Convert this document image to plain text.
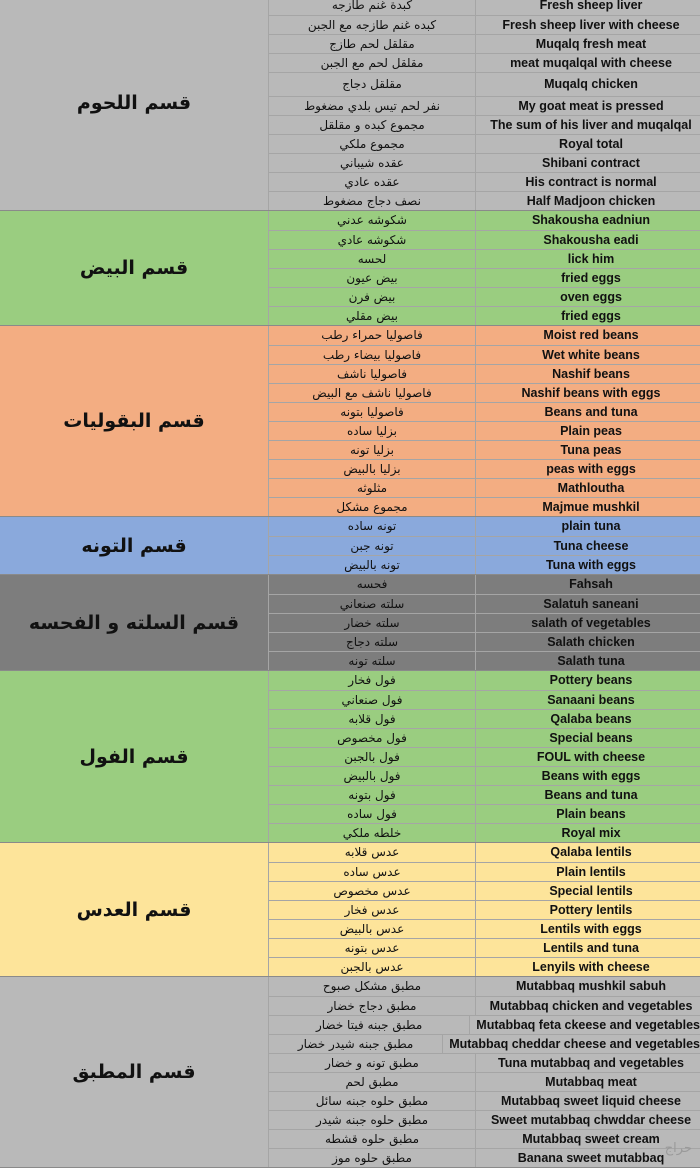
قسم اللحوم
كبدة غنم طازجه	Fresh sheep liver
كبده غنم طازجه مع الجبن	Fresh sheep liver with cheese
مقلقل لحم طازج	Muqalq fresh meat
مقلقل لحم مع الجبن	meat muqalqal with cheese
مقلقل دجاج	Muqalq chicken
نفر لحم تيس بلدي مضغوط	My goat meat is pressed
مجموع كبده و مقلقل	The sum of his liver and muqalqal
مجموع ملكي	Royal total
عقده شيباني	Shibani contract
عقده عادي	His contract is normal
نصف دجاج مضغوط	Half Madjoon chicken
قسم البيض
شكوشه عدني	Shakousha eadniun
شكوشه عادي	Shakousha eadi
لحسه	lick him
بيض عيون	fried eggs
بيض فرن	oven eggs
بيض مقلي	fried eggs
قسم البقوليات
فاصوليا حمراء رطب	Moist red beans
فاصوليا بيضاء رطب	Wet white beans
فاصوليا ناشف	Nashif beans
فاصوليا ناشف مع البيض	Nashif beans with eggs
فاصوليا بتونه	Beans and tuna
بزليا ساده	Plain peas
بزليا تونه	Tuna peas
بزليا بالبيض	peas with eggs
مثلوثه	Mathloutha
مجموع مشكل	Majmue mushkil
قسم التونه
تونه ساده	plain tuna
تونه جبن	Tuna cheese
تونه بالبيض	Tuna with eggs
قسم السلته و الفحسه
فحسه	Fahsah
سلته صنعاني	Salatuh saneani
سلته خضار	salath of vegetables
سلته دجاج	Salath chicken
سلته تونه	Salath tuna
قسم الفول
فول فخار	Pottery beans
فول صنعاني	Sanaani beans
فول قلابه	Qalaba beans
فول مخصوص	Special beans
فول بالجبن	FOUL with cheese
فول بالبيض	Beans with eggs
فول بتونه	Beans and tuna
فول ساده	Plain beans
خلطه ملكي	Royal mix
قسم العدس
عدس قلابه	Qalaba lentils
عدس ساده	Plain lentils
عدس مخصوص	Special lentils
عدس فخار	Pottery lentils
عدس بالبيض	Lentils with eggs
عدس بتونه	Lentils and tuna
عدس بالجبن	Lenyils with cheese
قسم المطبق
مطبق مشكل صبوح	Mutabbaq mushkil sabuh
مطبق دجاج خضار	Mutabbaq chicken and vegetables
مطبق جبنه فيتا خضار	Mutabbaq feta ckeese and vegetables
مطبق جبنه شيدر خضار	Mutabbaq cheddar cheese and vegetables
مطبق تونه و خضار	Tuna mutabbaq and vegetables
مطبق لحم	Mutabbaq meat
مطبق حلوه جبنه سائل	Mutabbaq sweet liquid cheese
مطبق حلوه جبنه شيدر	Sweet mutabbaq chwddar cheese
مطبق حلوه قشطه	Mutabbaq sweet cream
مطبق حلوه موز	Banana sweet mutabbaq
حراج
